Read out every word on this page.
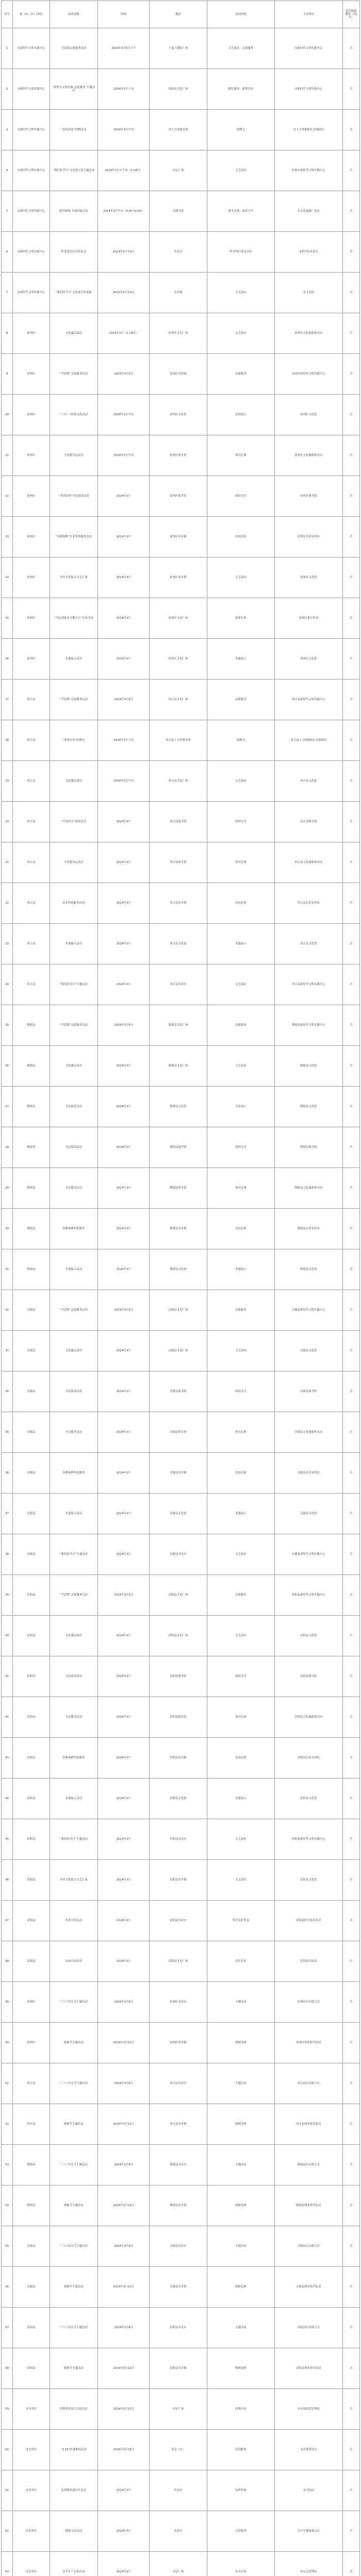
序号	县（市、区）/单位	活动名称	时间	地点	活动内容	主办单位	是否收取费用（是/否）
1	市新时代文明实践中心	学雷锋志愿服务活动	2024年3月5日上午	宁夏大剧院广场	文艺演出、志愿服务	市新时代文明实践中心	否
2	市新时代文明实践中心	“新时代文明实践·志愿服务”主题活动	2024年3月上旬	固原市文化广场	便民服务、政策宣传	市新时代文明实践中心	否
3	市新时代文明实践中心	“春风送岗”招聘活动	2024年3月中旬	市人力资源市场	招聘会	市人力资源和社会保障局	否
4	市新时代文明实践中心	“我们的节日”文化进万家主题活动	2024年3月中下旬（1-14时）	市民广场	文艺演出	固原市新时代文明实践中心	否
5	市新时代文明实践中心	图书漂流·书香固原活动	2024年3月中旬（9:00-11:00）	市图书馆	图书交换、阅读分享	市文化旅游广电局	否
6	市新时代文明实践中心	科普进社区宣传活动	2024年3月至4月	各社区	科学知识普及宣传	市科学技术协会	否
7	市新时代文明实践中心	“我们的节日”文化进乡村巡演	2024年3月至4月	各乡镇	文艺演出	市文化馆	否
8	原州区	文化惠民演出	2024年3月（1-14时）	原州区文化广场	文艺演出	原州区文化旅游体育局	否
9	原州区	“学雷锋”志愿服务活动	2024年3月5日	原州区各街道	志愿服务	原州区新时代文明实践中心	否
10	原州区	“三月三”民俗文化活动	2024年3月中旬	原州区文化馆	民俗展示	原州区文化馆	否
11	原州区	全民健身运动会	2024年3月中旬	原州区体育馆	体育比赛	原州区文化旅游体育局	否
12	原州区	“书香原州”全民阅读活动	2024年3月	原州区图书馆	阅读分享	原州区图书馆	否
13	原州区	“春耕备耕”农业科技服务活动	2024年3月	原州区各乡镇	农技培训	原州区农业农村局	否
14	原州区	乡村文化振兴文艺汇演	2024年3月	原州区各乡镇	文艺演出	原州区文化馆	否
15	原州区	“全民国家安全教育日”宣传活动	2024年3月	原州区文化广场	政策宣传	原州区委宣传部	否
16	原州区	非遗展示活动	2024年3月	原州区文化广场	非遗展示	原州区文化馆	否
17	西吉县	“学雷锋”志愿服务活动	2024年3月5日	西吉县文化广场	志愿服务	西吉县新时代文明实践中心	否
18	西吉县	“春风行动”招聘会	2024年3月上旬	西吉县人力资源市场	招聘会	西吉县人力资源和社会保障局	否
19	西吉县	文化惠民演出	2024年3月中旬	西吉县文化广场	文艺演出	西吉县文化馆	否
20	西吉县	“书香西吉”阅读活动	2024年3月	西吉县图书馆	阅读分享	西吉县图书馆	否
21	西吉县	全民健身运动会	2024年3月	西吉县体育馆	体育比赛	西吉县文化旅游体育局	否
22	西吉县	农业科技服务活动	2024年3月	西吉县各乡镇	农技培训	西吉县农业农村局	否
23	西吉县	非遗展示活动	2024年3月	西吉县文化馆	非遗展示	西吉县文化馆	否
24	西吉县	“我们的节日”主题活动	2024年3月	西吉县各社区	文艺演出	西吉县新时代文明实践中心	否
25	隆德县	“学雷锋”志愿服务活动	2024年3月5日	隆德县文化广场	志愿服务	隆德县新时代文明实践中心	否
26	隆德县	文化惠民演出	2024年3月	隆德县文化广场	文艺演出	隆德县文化馆	否
27	隆德县	书法展览活动	2024年3月	隆德县文化馆	书法展示	隆德县文化馆	否
28	隆德县	全民阅读活动	2024年3月	隆德县图书馆	阅读分享	隆德县图书馆	否
29	隆德县	全民健身活动	2024年3月	隆德县体育馆	体育比赛	隆德县文化旅游体育局	否
30	隆德县	春耕备耕科技服务	2024年3月	隆德县各乡镇	农技培训	隆德县农业农村局	否
31	隆德县	非遗展示活动	2024年3月	隆德县文化馆	非遗展示	隆德县文化馆	否
32	泾源县	“学雷锋”志愿服务活动	2024年3月5日	泾源县文化广场	志愿服务	泾源县新时代文明实践中心	否
33	泾源县	文化惠民演出	2024年3月	泾源县文化广场	文艺演出	泾源县文化馆	否
34	泾源县	全民阅读活动	2024年3月	泾源县图书馆	阅读分享	泾源县图书馆	否
35	泾源县	全民健身活动	2024年3月	泾源县体育馆	体育比赛	泾源县文化旅游体育局	否
36	泾源县	春耕备耕科技服务	2024年3月	泾源县各乡镇	农技培训	泾源县农业农村局	否
37	泾源县	非遗展示活动	2024年3月	泾源县文化馆	非遗展示	泾源县文化馆	否
38	泾源县	“我们的节日”主题活动	2024年3月	泾源县各社区	文艺演出	泾源县新时代文明实践中心	否
39	彭阳县	“学雷锋”志愿服务活动	2024年3月5日	彭阳县文化广场	志愿服务	彭阳县新时代文明实践中心	否
40	彭阳县	文化惠民演出	2024年3月	彭阳县文化广场	文艺演出	彭阳县文化馆	否
41	彭阳县	全民阅读活动	2024年3月	彭阳县图书馆	阅读分享	彭阳县图书馆	否
42	彭阳县	全民健身活动	2024年3月	彭阳县体育馆	体育比赛	彭阳县文化旅游体育局	否
43	彭阳县	春耕备耕科技服务	2024年3月	彭阳县各乡镇	农技培训	彭阳县农业农村局	否
44	彭阳县	非遗展示活动	2024年3月	彭阳县文化馆	非遗展示	彭阳县文化馆	否
45	彭阳县	“我们的节日”主题活动	2024年3月	彭阳县各社区	文艺演出	彭阳县新时代文明实践中心	否
46	彭阳县	乡村文化振兴文艺汇演	2024年3月	彭阳县各乡镇	文艺演出	彭阳县文化馆	否
47	彭阳县	科普宣传活动	2024年3月	彭阳县各社区	科学知识普及	彭阳县科学技术协会	否
48	彭阳县	法治宣传活动	2024年3月	彭阳县文化广场	普法宣传	彭阳县司法局	否
49	原州区	“三八”妇女节主题活动	2024年3月8日	原州区各社区	主题活动	原州区妇女联合会	否
50	原州区	植树节主题活动	2024年3月12日	原州区各乡镇	植树造林	原州区林业和草原局	否
51	西吉县	“三八”妇女节主题活动	2024年3月8日	西吉县各社区	主题活动	西吉县妇女联合会	否
52	西吉县	植树节主题活动	2024年3月12日	西吉县各乡镇	植树造林	西吉县林业和草原局	否
53	隆德县	“三八”妇女节主题活动	2024年3月8日	隆德县各社区	主题活动	隆德县妇女联合会	否
54	隆德县	植树节主题活动	2024年3月12日	隆德县各乡镇	植树造林	隆德县林业和草原局	否
55	泾源县	“三八”妇女节主题活动	2024年3月8日	泾源县各社区	主题活动	泾源县妇女联合会	否
56	泾源县	植树节主题活动	2024年3月12日	泾源县各乡镇	植树造林	泾源县林业和草原局	否
57	彭阳县	“三八”妇女节主题活动	2024年3月8日	彭阳县各社区	主题活动	彭阳县妇女联合会	否
58	彭阳县	植树节主题活动	2024年3月12日	彭阳县各乡镇	植树造林	彭阳县林业和草原局	否
59	市直单位	消费者权益日宣传活动	2024年3月15日	市民广场	政策宣传	市市场监督管理局	否
60	市直单位	“3·15”消费维权活动	2024年3月15日	各县（区）	咨询服务	市消费者协会	否
61	市直单位	法律服务进社区活动	2024年3月	各社区	法律咨询	市司法局	否
62	市直单位	健康义诊活动	2024年3月	各社区	义诊服务	市卫生健康委员会	否
63	市直单位	安全生产宣传活动	2024年3月	市民广场	安全宣传	市应急管理局	否
